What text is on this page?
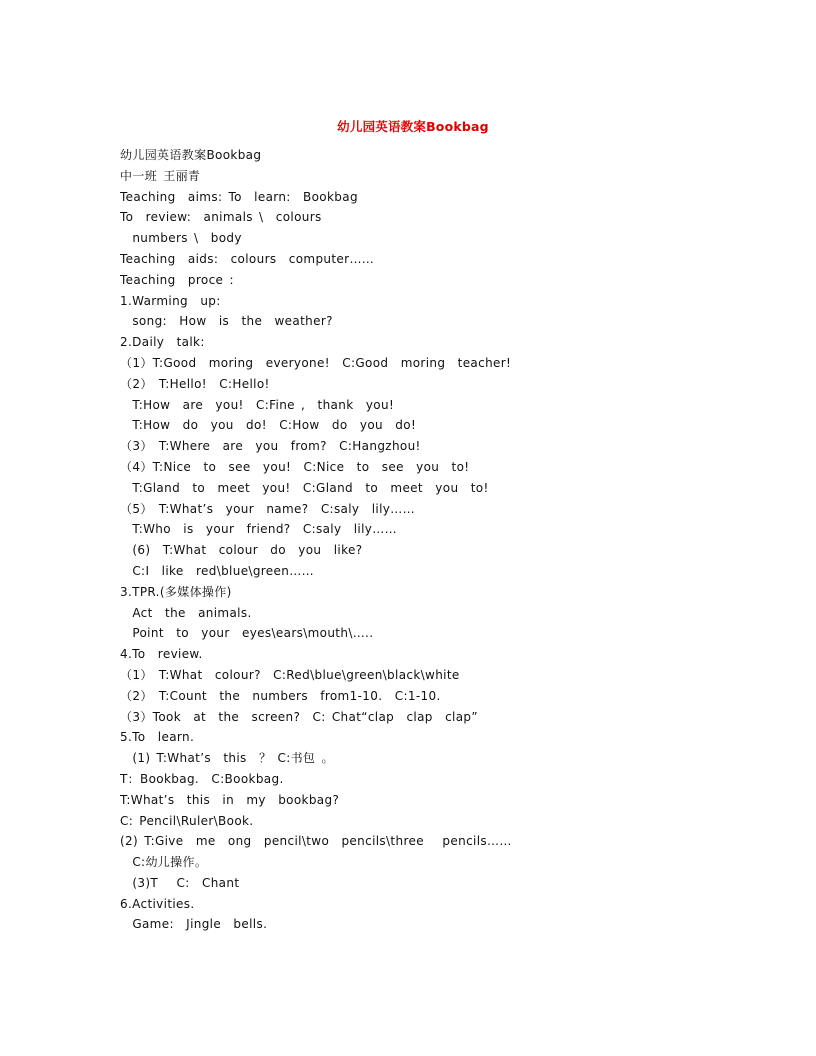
幼儿园英语教案Bookbag
幼儿园英语教案Bookbag
中一班 王丽青
Teaching  aims: To  learn:  Bookbag
To  review:  animals \  colours
numbers \  body
Teaching  aids:  colours  computer……
Teaching  proce :
1.Warming  up:
song:  How  is  the  weather?
2.Daily  talk:
（1）T:Good  moring  everyone!  C:Good  moring  teacher!
（2） T:Hello!  C:Hello!
T:How  are  you!  C:Fine ,  thank  you!
T:How  do  you  do!  C:How  do  you  do!
（3） T:Where  are  you  from?  C:Hangzhou!
（4）T:Nice  to  see  you!  C:Nice  to  see  you  to!
T:Gland  to  meet  you!  C:Gland  to  meet  you  to!
（5） T:What’s  your  name?  C:saly  lily……
T:Who  is  your  friend?  C:saly  lily……
(6)  T:What  colour  do  you  like?
C:I  like  red\blue\green……
3.TPR.(多媒体操作)
Act  the  animals.
Point  to  your  eyes\ears\mouth\…..
4.To  review.
（1） T:What  colour?  C:Red\blue\green\black\white
（2） T:Count  the  numbers  from1-10.  C:1-10.
（3）Took  at  the  screen?  C: Chat“clap  clap  clap”
5.To  learn.
(1) T:What’s  this  ？ C:书包 。
T：Bookbag.  C:Bookbag.
T:What’s  this  in  my  bookbag?
C: Pencil\Ruler\Book.
(2) T:Give  me  ong  pencil\two  pencils\three   pencils……
C:幼儿操作。
(3)T   C:  Chant
6.Activities.
Game:  Jingle  bells.
